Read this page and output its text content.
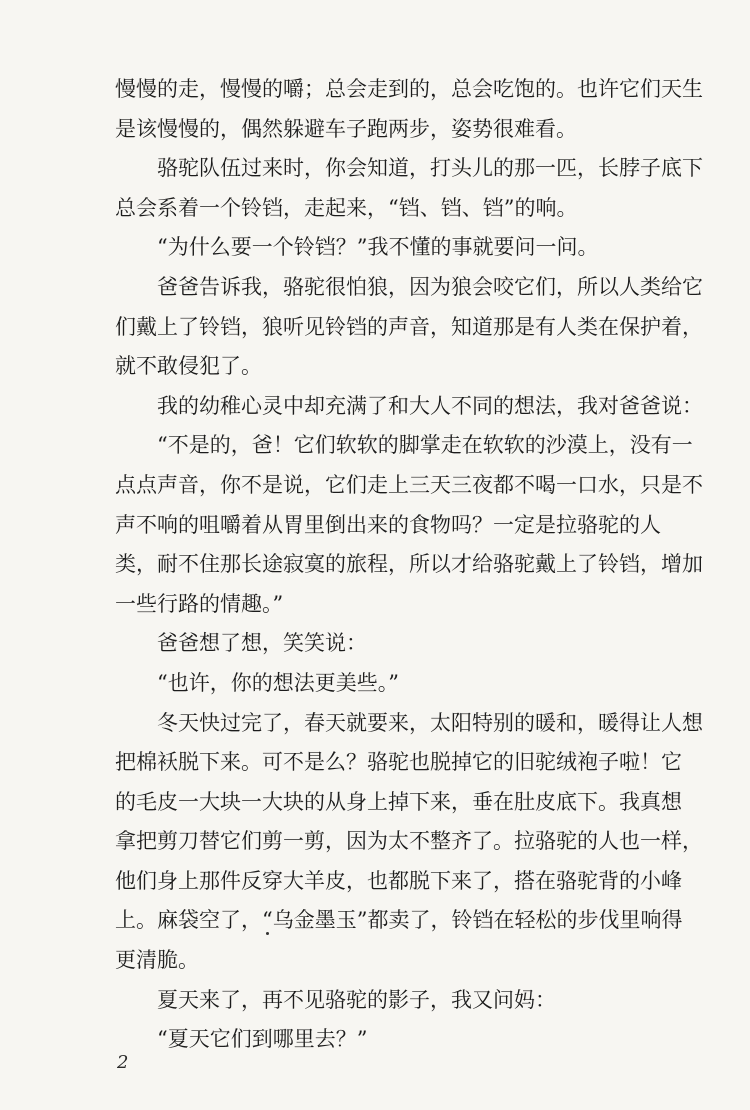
慢慢的走，慢慢的嚼；总会走到的，总会吃饱的。也许它们天生
是该慢慢的，偶然躲避车子跑两步，姿势很难看。
骆驼队伍过来时，你会知道，打头儿的那一匹，长脖子底下
总会系着一个铃铛，走起来，“铛、铛、铛”的响。
“为什么要一个铃铛？”我不懂的事就要问一问。
爸爸告诉我，骆驼很怕狼，因为狼会咬它们，所以人类给它
们戴上了铃铛，狼听见铃铛的声音，知道那是有人类在保护着，
就不敢侵犯了。
我的幼稚心灵中却充满了和大人不同的想法，我对爸爸说：
“不是的，爸！它们软软的脚掌走在软软的沙漠上，没有一
点点声音，你不是说，它们走上三天三夜都不喝一口水，只是不
声不响的咀嚼着从胃里倒出来的食物吗？一定是拉骆驼的人
类，耐不住那长途寂寞的旅程，所以才给骆驼戴上了铃铛，增加
一些行路的情趣。”
爸爸想了想，笑笑说：
“也许，你的想法更美些。”
冬天快过完了，春天就要来，太阳特别的暖和，暖得让人想
把棉袄脱下来。可不是么？骆驼也脱掉它的旧驼绒袍子啦！它
的毛皮一大块一大块的从身上掉下来，垂在肚皮底下。我真想
拿把剪刀替它们剪一剪，因为太不整齐了。拉骆驼的人也一样，
他们身上那件反穿大羊皮，也都脱下来了，搭在骆驼背的小峰
上。麻袋空了，“乌金墨玉”都卖了，铃铛在轻松的步伐里响得
更清脆。
夏天来了，再不见骆驼的影子，我又问妈：
“夏天它们到哪里去？”
2
